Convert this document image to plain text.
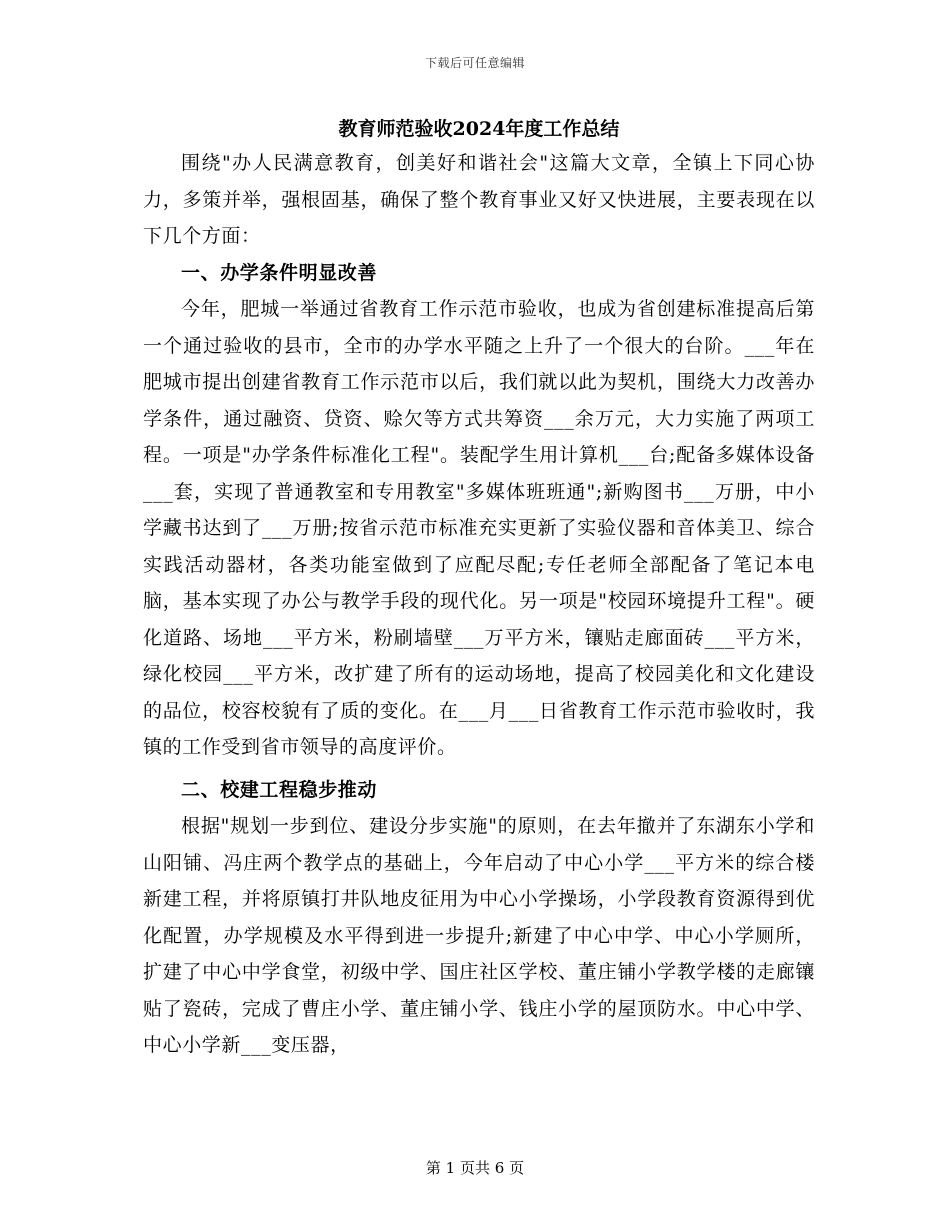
下载后可任意编辑
教育师范验收2024年度工作总结

围绕"办人民满意教育，创美好和谐社会"这篇大文章，全镇上下同心协力，多策并举，强根固基，确保了整个教育事业又好又快进展，主要表现在以下几个方面：

一、办学条件明显改善

今年，肥城一举通过省教育工作示范市验收，也成为省创建标准提高后第一个通过验收的县市，全市的办学水平随之上升了一个很大的台阶。___年在肥城市提出创建省教育工作示范市以后，我们就以此为契机，围绕大力改善办学条件，通过融资、贷资、赊欠等方式共筹资___余万元，大力实施了两项工程。一项是"办学条件标准化工程"。装配学生用计算机___台;配备多媒体设备___套，实现了普通教室和专用教室"多媒体班班通";新购图书___万册，中小学藏书达到了___万册;按省示范市标准充实更新了实验仪器和音体美卫、综合实践活动器材，各类功能室做到了应配尽配;专任老师全部配备了笔记本电脑，基本实现了办公与教学手段的现代化。另一项是"校园环境提升工程"。硬化道路、场地___平方米，粉刷墙壁___万平方米，镶贴走廊面砖___平方米，绿化校园___平方米，改扩建了所有的运动场地，提高了校园美化和文化建设的品位，校容校貌有了质的变化。在___月___日省教育工作示范市验收时，我镇的工作受到省市领导的高度评价。

二、校建工程稳步推动

根据"规划一步到位、建设分步实施"的原则，在去年撤并了东湖东小学和山阳铺、冯庄两个教学点的基础上，今年启动了中心小学___平方米的综合楼新建工程，并将原镇打井队地皮征用为中心小学操场，小学段教育资源得到优化配置，办学规模及水平得到进一步提升;新建了中心中学、中心小学厕所，扩建了中心中学食堂，初级中学、国庄社区学校、董庄铺小学教学楼的走廊镶贴了瓷砖，完成了曹庄小学、董庄铺小学、钱庄小学的屋顶防水。中心中学、中心小学新___变压器，

第 1 页共 6 页
